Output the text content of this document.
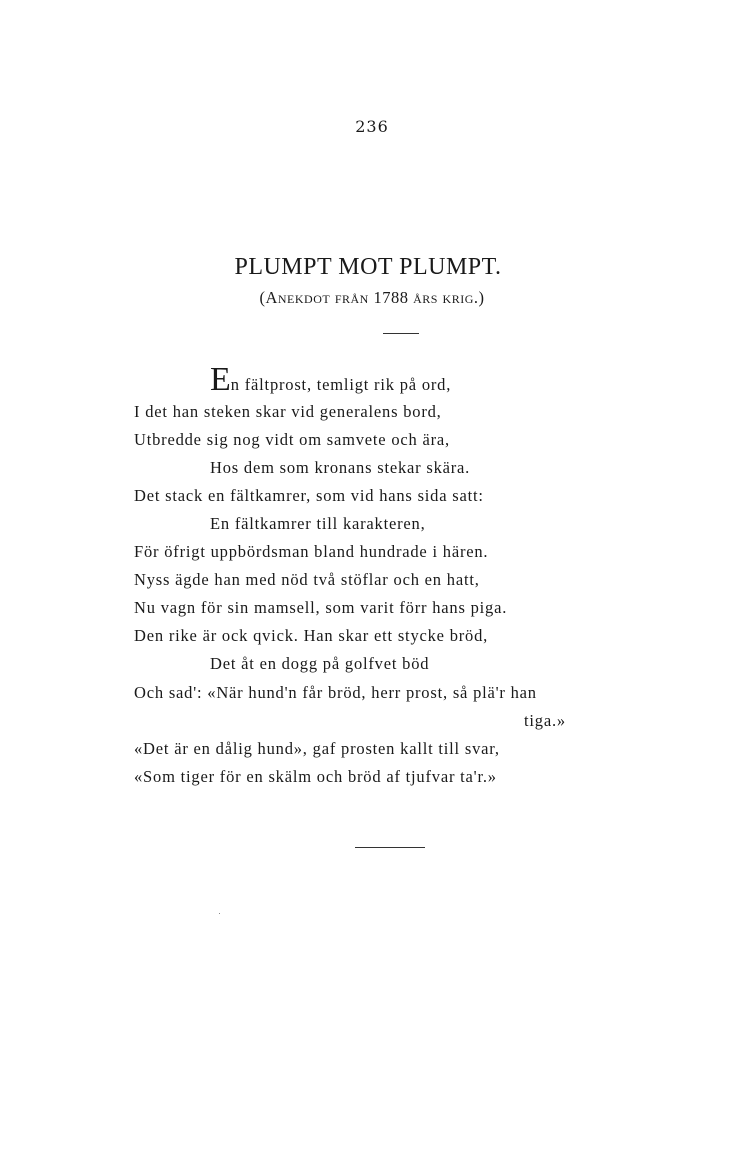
236
PLUMPT MOT PLUMPT.
(Anekdot från 1788 års krig.)
En fältprost, temligt rik på ord,
I det han steken skar vid generalens bord,
Utbredde sig nog vidt om samvete och ära,
Hos dem som kronans stekar skära.
Det stack en fältkamrer, som vid hans sida satt:
En fältkamrer till karakteren,
För öfrigt uppbördsman bland hundrade i hären.
Nyss ägde han med nöd två stöflar och en hatt,
Nu vagn för sin mamsell, som varit förr hans piga.
Den rike är ock qvick. Han skar ett stycke bröd,
Det åt en dogg på golfvet böd
Och sad': «När hund'n får bröd, herr prost, så plä'r han
tiga.»
«Det är en dålig hund», gaf prosten kallt till svar,
«Som tiger för en skälm och bröd af tjufvar ta'r.»
